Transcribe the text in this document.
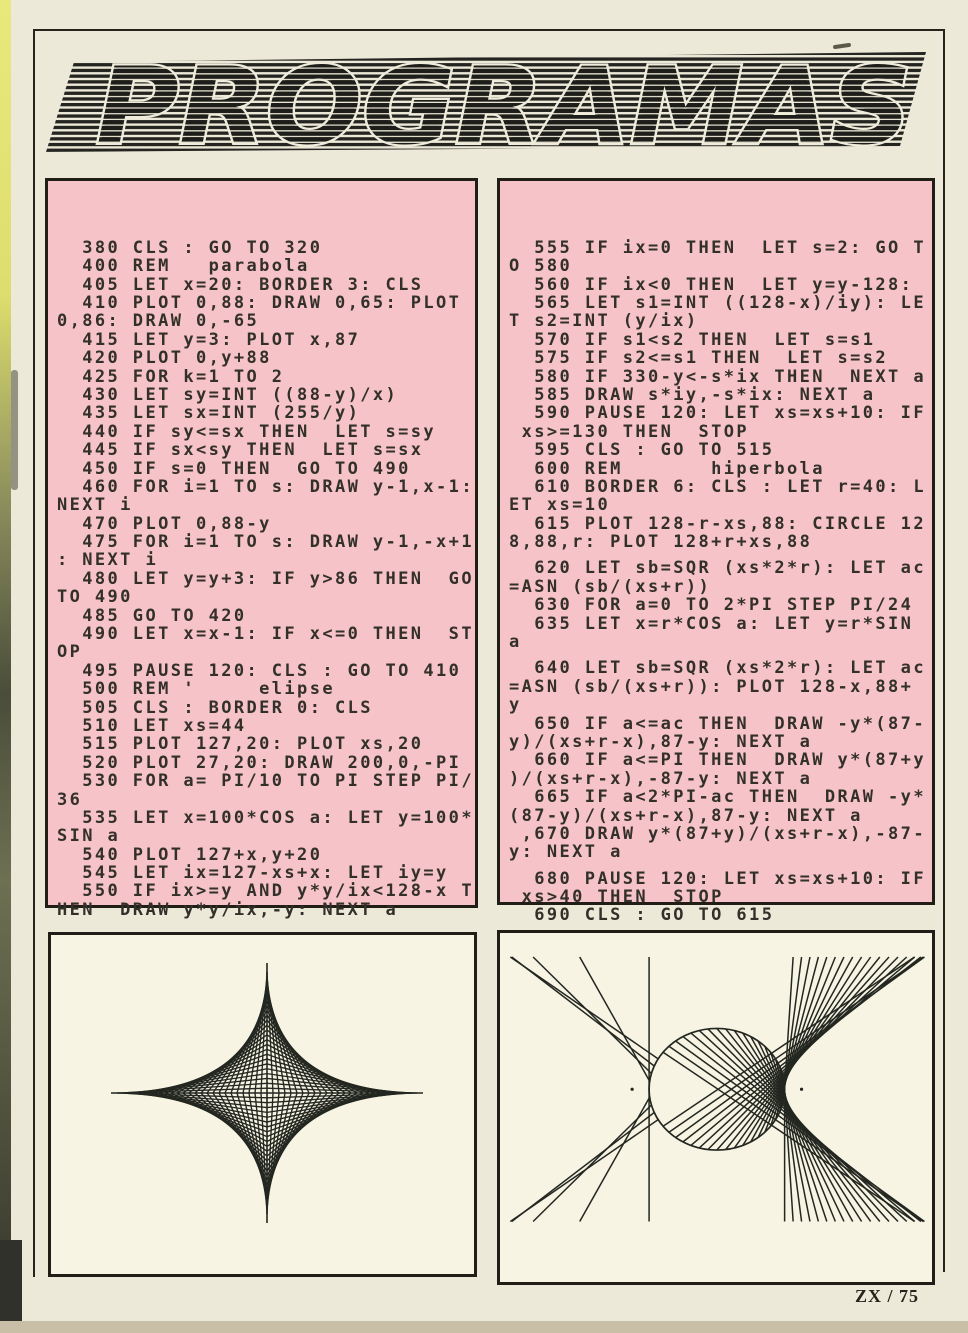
PROGRAMAS

380 CLS : GO TO 320
400 REM   parabola
405 LET x=20: BORDER 3: CLS
410 PLOT 0,88: DRAW 0,65: PLOT
0,86: DRAW 0,-65
415 LET y=3: PLOT x,87
420 PLOT 0,y+88
425 FOR k=1 TO 2
430 LET sy=INT ((88-y)/x)
435 LET sx=INT (255/y)
440 IF sy<=sx THEN  LET s=sy
445 IF sx<sy THEN  LET s=sx
450 IF s=0 THEN  GO TO 490
460 FOR i=1 TO s: DRAW y-1,x-1:
NEXT i
470 PLOT 0,88-y
475 FOR i=1 TO s: DRAW y-1,-x+1
: NEXT i
480 LET y=y+3: IF y>86 THEN  GO
TO 490
485 GO TO 420
490 LET x=x-1: IF x<=0 THEN  ST
OP
495 PAUSE 120: CLS : GO TO 410
500 REM '     elipse
505 CLS : BORDER 0: CLS
510 LET xs=44
515 PLOT 127,20: PLOT xs,20
520 PLOT 27,20: DRAW 200,0,-PI
530 FOR a= PI/10 TO PI STEP PI/
36
535 LET x=100*COS a: LET y=100*
SIN a
540 PLOT 127+x,y+20
545 LET ix=127-xs+x: LET iy=y
550 IF ix>=y AND y*y/ix<128-x T
HEN  DRAW y*y/ix,-y: NEXT a

555 IF ix=0 THEN  LET s=2: GO T
O 580
560 IF ix<0 THEN  LET y=y-128:
565 LET s1=INT ((128-x)/iy): LE
T s2=INT (y/ix)
570 IF s1<s2 THEN  LET s=s1
575 IF s2<=s1 THEN  LET s=s2
580 IF 330-y<-s*ix THEN  NEXT a
585 DRAW s*iy,-s*ix: NEXT a
590 PAUSE 120: LET xs=xs+10: IF
xs>=130 THEN  STOP
595 CLS : GO TO 515
600 REM       hiperbola
610 BORDER 6: CLS : LET r=40: L
ET xs=10
615 PLOT 128-r-xs,88: CIRCLE 12
8,88,r: PLOT 128+r+xs,88
620 LET sb=SQR (xs*2*r): LET ac
=ASN (sb/(xs+r))
630 FOR a=0 TO 2*PI STEP PI/24
635 LET x=r*COS a: LET y=r*SIN
a
640 LET sb=SQR (xs*2*r): LET ac
=ASN (sb/(xs+r)): PLOT 128-x,88+
y
650 IF a<=ac THEN  DRAW -y*(87-
y)/(xs+r-x),87-y: NEXT a
660 IF a<=PI THEN  DRAW y*(87+y
)/(xs+r-x),-87-y: NEXT a
665 IF a<2*PI-ac THEN  DRAW -y*
(87-y)/(xs+r-x),87-y: NEXT a
,670 DRAW y*(87+y)/(xs+r-x),-87-
y: NEXT a
680 PAUSE 120: LET xs=xs+10: IF
xs>40 THEN  STOP
690 CLS : GO TO 615

ZX / 75
